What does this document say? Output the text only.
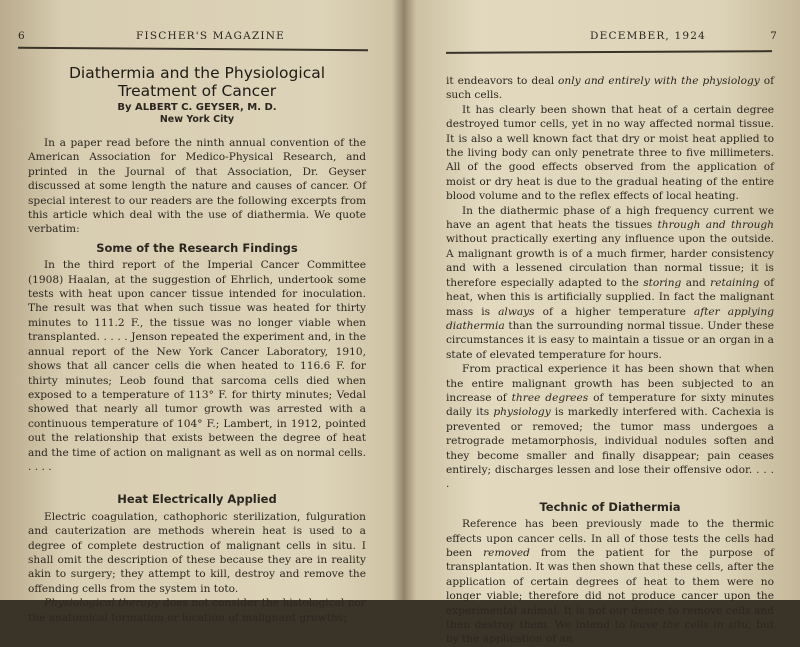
6	FISCHER'S MAGAZINE
Diathermia and the Physiological
Treatment of Cancer
By ALBERT C. GEYSER, M. D.
New York City

In a paper read before the ninth annual convention of the American Association for Medico-Physical Research, and printed in the Journal of that Association, Dr. Geyser discussed at some length the nature and causes of cancer. Of special interest to our readers are the following excerpts from this article which deal with the use of diathermia. We quote verbatim:

Some of the Research Findings

In the third report of the Imperial Cancer Committee (1908) Haalan, at the suggestion of Ehrlich, undertook some tests with heat upon cancer tissue intended for inoculation. The result was that when such tissue was heated for thirty minutes to 111.2 F., the tissue was no longer viable when transplanted. . . . . Jenson repeated the experiment and, in the annual report of the New York Cancer Laboratory, 1910, shows that all cancer cells die when heated to 116.6 F. for thirty minutes; Leob found that sarcoma cells died when exposed to a temperature of 113° F. for thirty minutes; Vedal showed that nearly all tumor growth was arrested with a continuous temperature of 104° F.; Lambert, in 1912, pointed out the relationship that exists between the degree of heat and the time of action on malignant as well as on normal cells. . . . .

Heat Electrically Applied

Electric coagulation, cathophoric sterilization, fulguration and cauterization are methods wherein heat is used to a degree of complete destruction of malignant cells in situ. I shall omit the description of these because they are in reality akin to surgery; they attempt to kill, destroy and remove the offending cells from the system in toto.

Physiological therapy does not consider the histological nor the anatomical formation or location of malignant growths;

DECEMBER, 1924	7

it endeavors to deal only and entirely with the physiology of such cells.

It has clearly been shown that heat of a certain degree destroyed tumor cells, yet in no way affected normal tissue. It is also a well known fact that dry or moist heat applied to the living body can only penetrate three to five millimeters. All of the good effects observed from the application of moist or dry heat is due to the gradual heating of the entire blood volume and to the reflex effects of local heating.

In the diathermic phase of a high frequency current we have an agent that heats the tissues through and through without practically exerting any influence upon the outside. A malignant growth is of a much firmer, harder consistency and with a lessened circulation than normal tissue; it is therefore especially adapted to the storing and retaining of heat, when this is artificially supplied. In fact the malignant mass is always of a higher temperature after applying diathermia than the surrounding normal tissue. Under these circumstances it is easy to maintain a tissue or an organ in a state of elevated temperature for hours.

From practical experience it has been shown that when the entire malignant growth has been subjected to an increase of three degrees of temperature for sixty minutes daily its physiology is markedly interfered with. Cachexia is prevented or removed; the tumor mass undergoes a retrograde metamorphosis, individual nodules soften and they become smaller and finally disappear; pain ceases entirely; discharges lessen and lose their offensive odor. . . . .

Technic of Diathermia

Reference has been previously made to the thermic effects upon cancer cells. In all of those tests the cells had been removed from the patient for the purpose of transplantation. It was then shown that these cells, after the application of certain degrees of heat to them were no longer viable; therefore did not produce cancer upon the experimental animal. It is not our desire to remove cells and then destroy them. We intend to leave the cells in situ, but by the application of an
